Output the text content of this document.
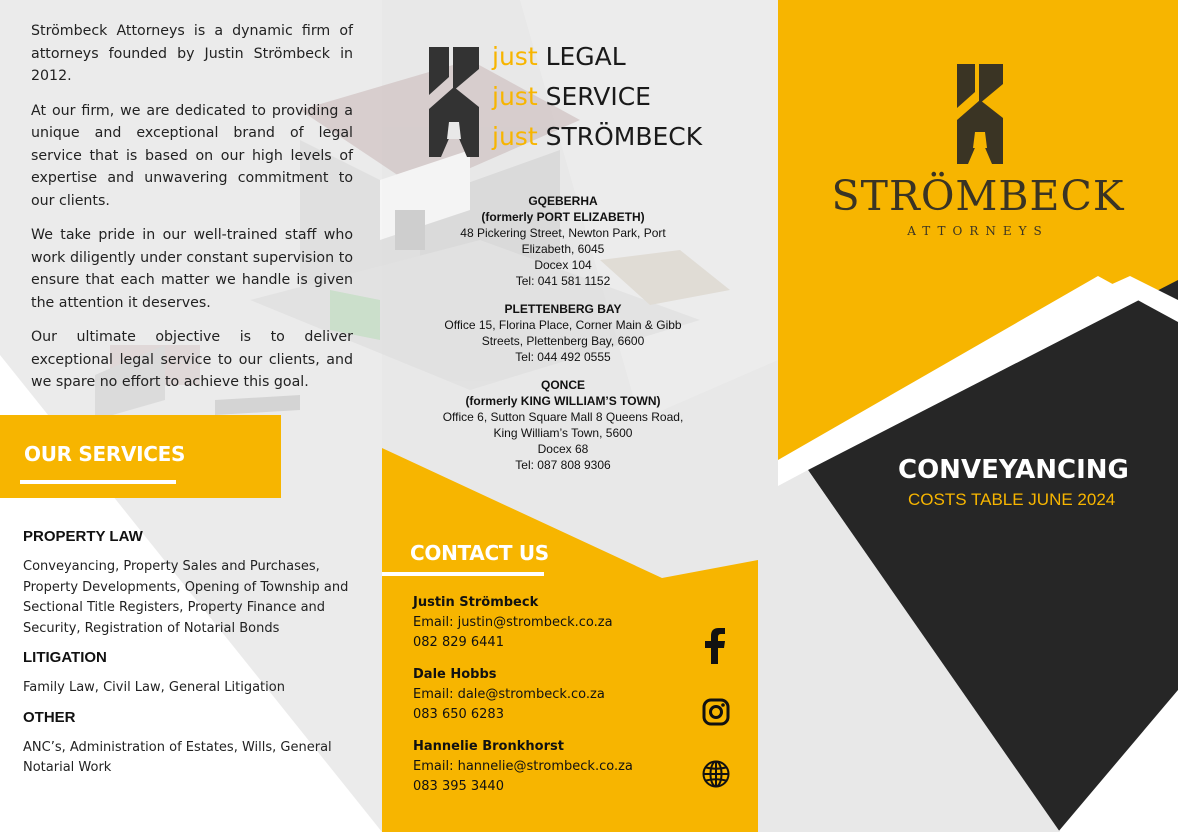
Strömbeck Attorneys is a dynamic firm of attorneys founded by Justin Strömbeck in 2012.

At our firm, we are dedicated to providing a unique and exceptional brand of legal service that is based on our high levels of expertise and unwavering commitment to our clients.

We take pride in our well-trained staff who work diligently under constant supervision to ensure that each matter we handle is given the attention it deserves.

Our ultimate objective is to deliver exceptional legal service to our clients, and we spare no effort to achieve this goal.

OUR SERVICES

PROPERTY LAW

Conveyancing, Property Sales and Purchases, Property Developments, Opening of Township and Sectional Title Registers, Property Finance and Security, Registration of Notarial Bonds

LITIGATION

Family Law, Civil Law, General Litigation

OTHER

ANC’s, Administration of Estates, Wills, General Notarial Work

just LEGAL
just SERVICE
just STRÖMBECK
GQEBERHA
(formerly PORT ELIZABETH)
48 Pickering Street, Newton Park, Port
Elizabeth, 6045
Docex 104
Tel: 041 581 1152
PLETTENBERG BAY
Office 15, Florina Place, Corner Main & Gibb
Streets, Plettenberg Bay, 6600
Tel: 044 492 0555
QONCE
(formerly KING WILLIAM’S TOWN)
Office 6, Sutton Square Mall 8 Queens Road,
King William’s Town, 5600
Docex 68
Tel: 087 808 9306
CONTACT US
Justin Strömbeck
Email: justin@strombeck.co.za
082 829 6441
Dale Hobbs
Email: dale@strombeck.co.za
083 650 6283
Hannelie Bronkhorst
Email: hannelie@strombeck.co.za
083 395 3440
STRÖMBECK
ATTORNEYS
CONVEYANCING
COSTS TABLE JUNE 2024
